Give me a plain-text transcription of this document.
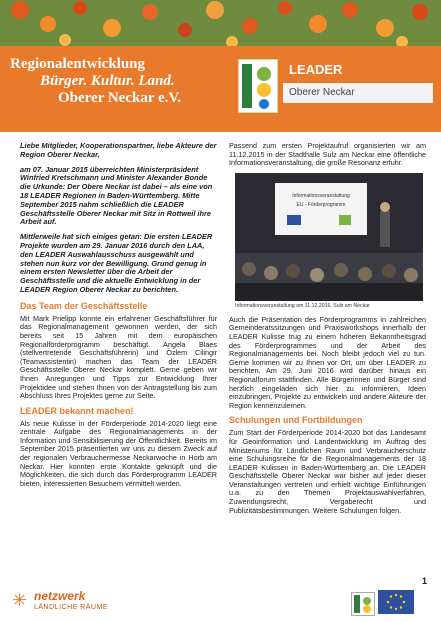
Regionalentwicklung
Bürger. Kultur. Land.
Oberer Neckar e.V.
LEADER
Oberer Neckar

Liebe Mitglieder, Kooperationspartner, liebe Akteure der Region Oberer Neckar,

am 07. Januar 2015 überreichten Ministerpräsident Winfried Kretschmann und Minister Alexander Bonde die Urkunde: Der Obere Neckar ist dabei – als eine von 18 LEADER Regionen in Baden-Württemberg. Mitte September 2015 nahm schließlich die LEADER Geschäftsstelle Oberer Neckar mit Sitz in Rottweil ihre Arbeit auf.

Mittlerweile hat sich einiges getan: Die ersten LEADER Projekte wurden am 29. Januar 2016 durch den LAA, den LEADER Auswahlausschuss ausgewählt und stehen nun kurz vor der Bewilligung. Grund genug in einem ersten Newsletter über die Arbeit der Geschäftsstelle und die aktuelle Entwicklung in der LEADER Region Oberer Neckar zu berichten.

Das Team der Geschäftsstelle

Mit Mark Prielipp konnte ein erfahrener Geschäftsführer für das Regionalmanagement gewonnen werden, der sich bereits seit 15 Jahren mit dem europäischen Regionalförderprogramm beschäftigt. Angela Blaes (stellvertretende Geschäftsführerin) und Özlem Cilingir (Teamassistentin) machen das Team der LEADER Geschäftsstelle Oberer Neckar komplett. Gerne geben wir Ihnen Anregungen und Tipps zur Entwicklung Ihrer Projektidee und stehen Ihnen von der Antragstellung bis zum Abschluss Ihres Projektes gerne zur Seite.

LEADER bekannt machen!

Als neue Kulisse in der Förderperiode 2014-2020 liegt eine zentrale Aufgabe des Regionalmanagements in der Information und Sensibilisierung der Öffentlichkeit. Bereits im September 2015 präsentierten wir uns zu diesem Zweck auf der regionalen Verbrauchermesse Neckarwoche in Horb am Neckar. Hier konnten erste Kontakte geknüpft und die Möglichkeiten, die sich durch das Förderprogramm LEADER bieten, interessierten Besuchern vermittelt werden.

Passend zum ersten Projektaufruf organisierten wir am 11.12.2015 in der Stadthalle Sulz am Neckar eine öffentliche Informationsveranstaltung, die große Resonanz erfuhr.

Informationsveranstaltung
EU - Förderprogramm
Informationsveranstaltung am 11.12.2016, Sulz am Neckar

Auch die Präsentation des Förderprogramms in zahlreichen Gemeinderatssitzungen und Praxisworkshops innerhalb der LEADER Kulisse trug zu einem höheren Bekanntheitsgrad des Förderprogrammes und der Arbeit des Regionalmanagements bei. Noch bleibt jedoch viel zu tun. Gerne kommen wir zu Ihnen vor Ort, um über LEADER zu berichten. Am 29. Juni 2016 wird darüber hinaus ein Regionalforum stattfinden. Alle Bürgerinnen und Bürger sind herzlich eingeladen sich hier zu informieren, Ideen einzubringen, Projekte zu entwickeln und andere Akteure der Region kennenzulernen.

Schulungen und Fortbildungen

Zum Start der Förderperiode 2014-2020 bot das Landesamt für Geoinformation und Landentwicklung im Auftrag des Ministeriums für Ländlichen Raum und Verbraucherschutz eine Schulungsreihe für die Regionalmanagements der 18 LEADER Kulissen in Baden-Württemberg an. Die LEADER Geschäftsstelle Oberer Neckar war bisher auf jeder dieser Veranstaltungen vertreten und erhielt wichtige Einführungen u.a. zu den Themen Projektauswahlverfahren, Zuwendungsrecht, Vergaberecht und Publizitätsbestimmungen. Weitere Schulungen folgen.

✳ netzwerk
LÄNDLICHE RÄUME
1
